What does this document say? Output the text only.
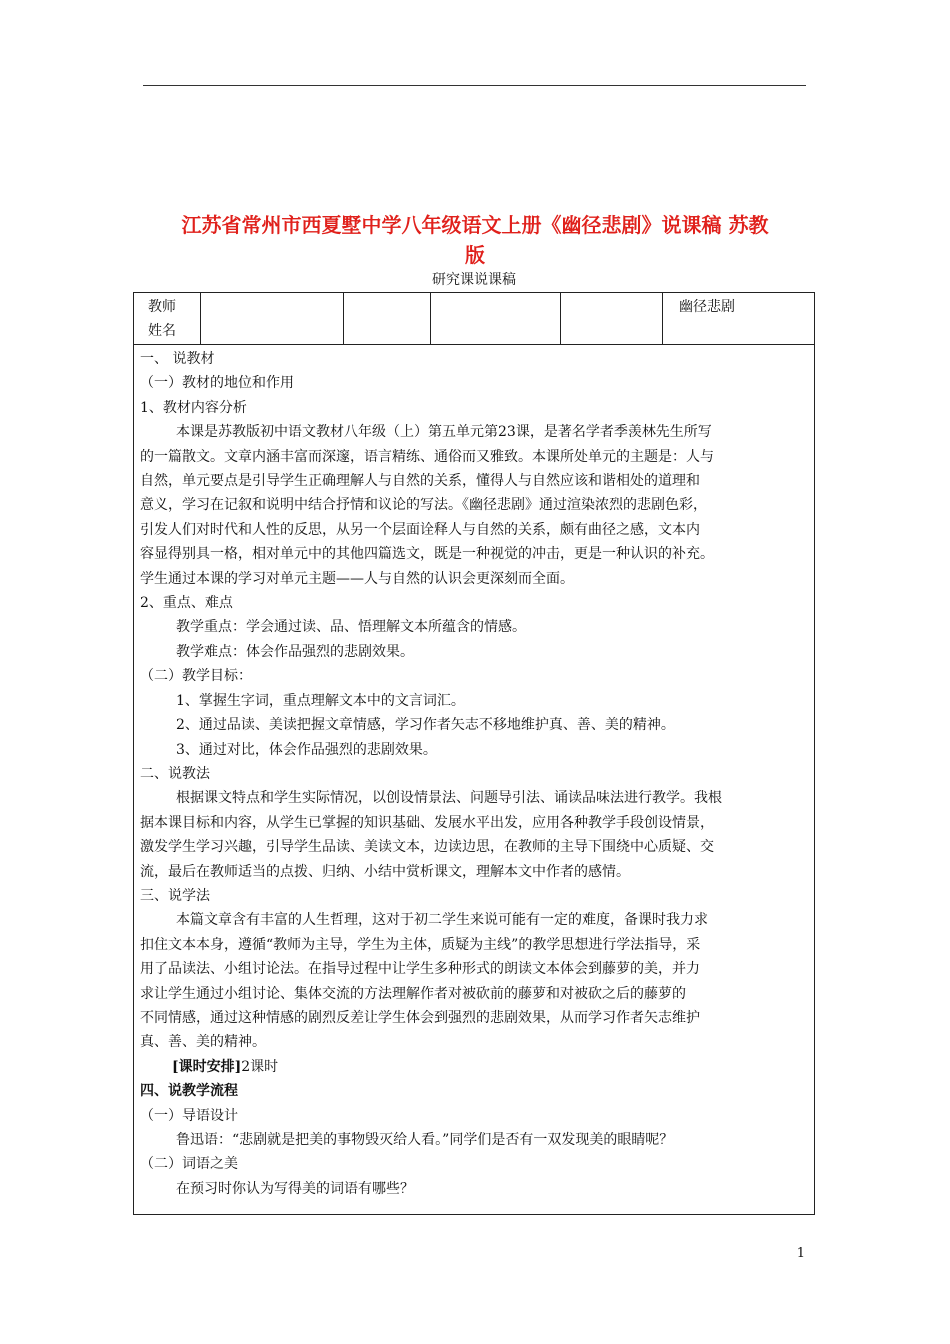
江苏省常州市西夏墅中学八年级语文上册《幽径悲剧》说课稿 苏教
版
研究课说课稿
教师
姓名
幽径悲剧
一、 说教材
（一）教材的地位和作用
1、教材内容分析
本课是苏教版初中语文教材八年级（上）第五单元第23课，是著名学者季羡林先生所写
的一篇散文。文章内涵丰富而深邃，语言精练、通俗而又雅致。本课所处单元的主题是：人与
自然，单元要点是引导学生正确理解人与自然的关系，懂得人与自然应该和谐相处的道理和
意义，学习在记叙和说明中结合抒情和议论的写法。《幽径悲剧》通过渲染浓烈的悲剧色彩，
引发人们对时代和人性的反思，从另一个层面诠释人与自然的关系，颇有曲径之感，文本内
容显得别具一格，相对单元中的其他四篇选文，既是一种视觉的冲击，更是一种认识的补充。
学生通过本课的学习对单元主题——人与自然的认识会更深刻而全面。
2、重点、难点
教学重点：学会通过读、品、悟理解文本所蕴含的情感。
教学难点：体会作品强烈的悲剧效果。
（二）教学目标：
1、掌握生字词，重点理解文本中的文言词汇。
2、通过品读、美读把握文章情感，学习作者矢志不移地维护真、善、美的精神。
3、通过对比，体会作品强烈的悲剧效果。
二、说教法
根据课文特点和学生实际情况，以创设情景法、问题导引法、诵读品味法进行教学。我根
据本课目标和内容，从学生已掌握的知识基础、发展水平出发，应用各种教学手段创设情景，
激发学生学习兴趣，引导学生品读、美读文本，边读边思，在教师的主导下围绕中心质疑、交
流，最后在教师适当的点拨、归纳、小结中赏析课文，理解本文中作者的感情。
三、说学法
本篇文章含有丰富的人生哲理，这对于初二学生来说可能有一定的难度，备课时我力求
扣住文本本身，遵循“教师为主导，学生为主体，质疑为主线”的教学思想进行学法指导，采
用了品读法、小组讨论法。在指导过程中让学生多种形式的朗读文本体会到藤萝的美，并力
求让学生通过小组讨论、集体交流的方法理解作者对被砍前的藤萝和对被砍之后的藤萝的
不同情感，通过这种情感的剧烈反差让学生体会到强烈的悲剧效果，从而学习作者矢志维护
真、善、美的精神。
[课时安排]2课时
四、说教学流程
（一）导语设计
鲁迅语：“悲剧就是把美的事物毁灭给人看。”同学们是否有一双发现美的眼睛呢？
（二）词语之美
在预习时你认为写得美的词语有哪些？
1
